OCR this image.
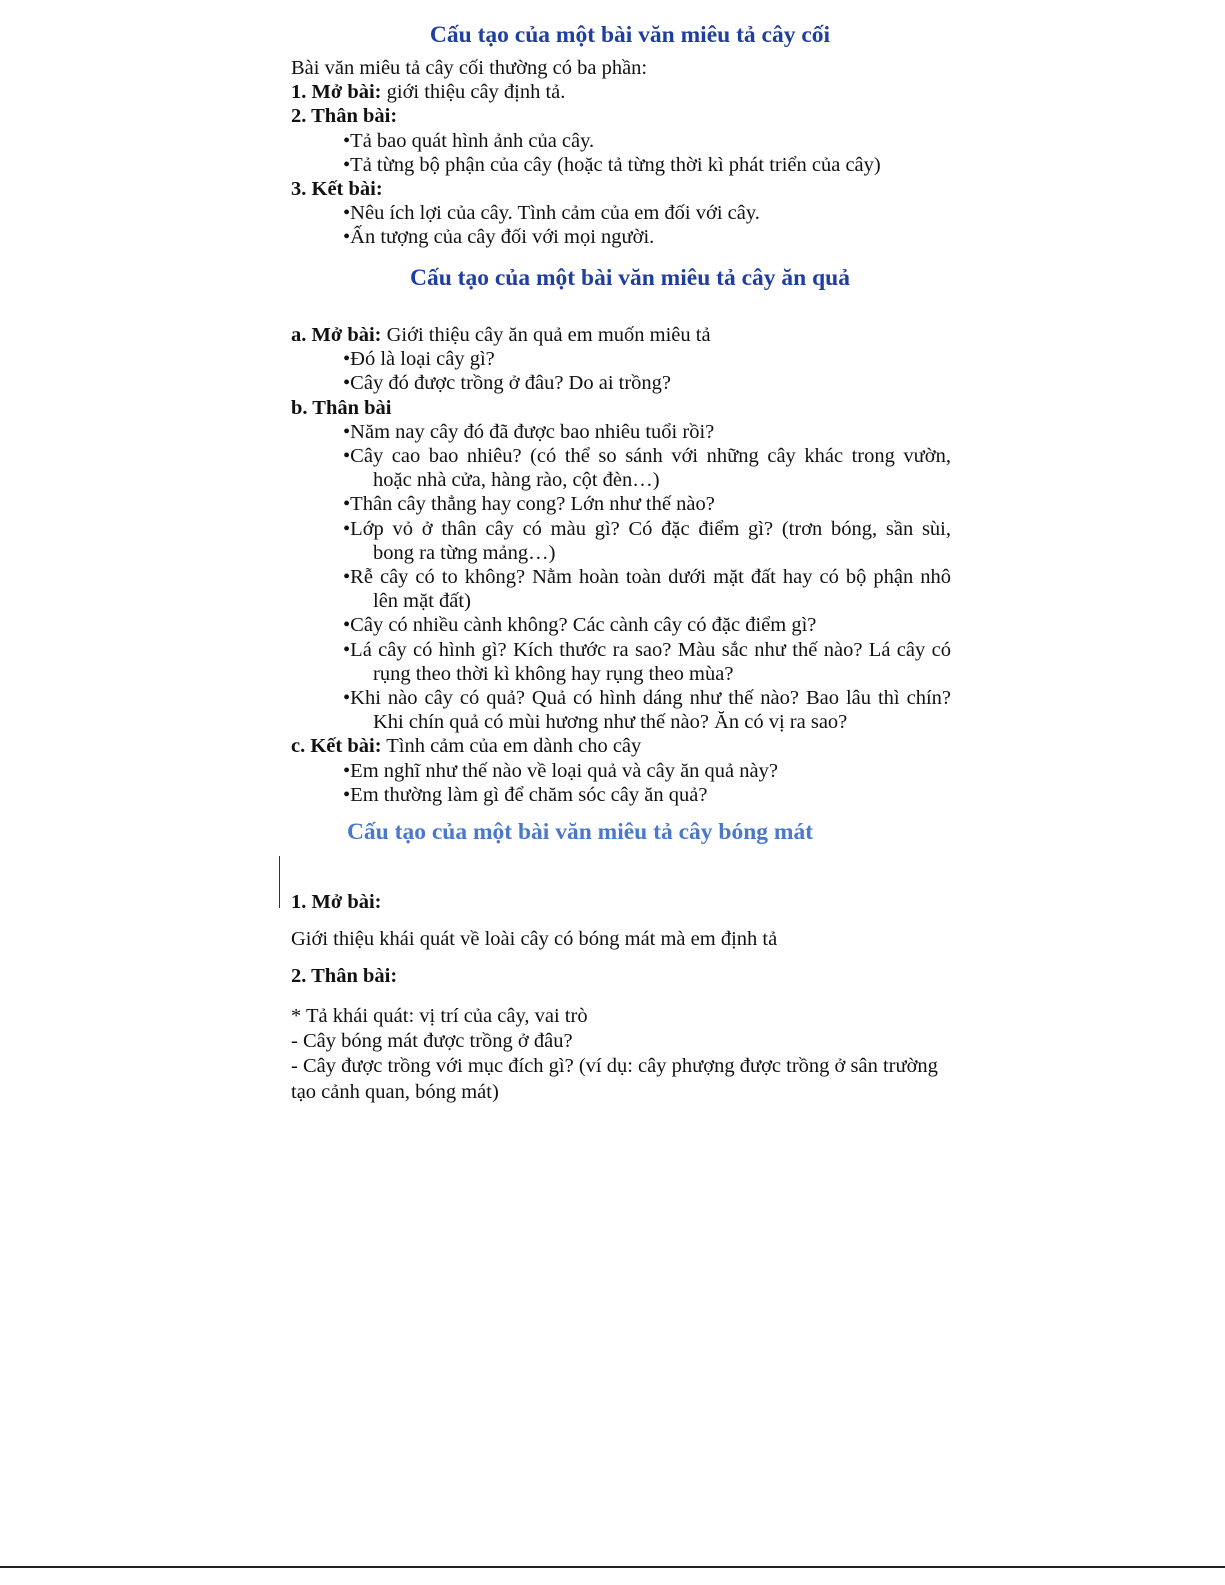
Cấu tạo của một bài văn miêu tả cây cối
Bài văn miêu tả cây cối thường có ba phần:
1. Mở bài: giới thiệu cây định tả.
2. Thân bài:
•Tả bao quát hình ảnh của cây.
•Tả từng bộ phận của cây (hoặc tả từng thời kì phát triển của cây)
3. Kết bài:
•Nêu ích lợi của cây. Tình cảm của em đối với cây.
•Ấn tượng của cây đối với mọi người.
Cấu tạo của một bài văn miêu tả cây ăn quả
a. Mở bài: Giới thiệu cây ăn quả em muốn miêu tả
•Đó là loại cây gì?
•Cây đó được trồng ở đâu? Do ai trồng?
b. Thân bài
•Năm nay cây đó đã được bao nhiêu tuổi rồi?
•Cây cao bao nhiêu? (có thể so sánh với những cây khác trong vườn,
hoặc nhà cửa, hàng rào, cột đèn…)
•Thân cây thẳng hay cong? Lớn như thế nào?
•Lớp vỏ ở thân cây có màu gì? Có đặc điểm gì? (trơn bóng, sần sùi,
bong ra từng mảng…)
•Rễ cây có to không? Nằm hoàn toàn dưới mặt đất hay có bộ phận nhô
lên mặt đất)
•Cây có nhiều cành không? Các cành cây có đặc điểm gì?
•Lá cây có hình gì? Kích thước ra sao? Màu sắc như thế nào? Lá cây có
rụng theo thời kì không hay rụng theo mùa?
•Khi nào cây có quả? Quả có hình dáng như thế nào? Bao lâu thì chín?
Khi chín quả có mùi hương như thế nào? Ăn có vị ra sao?
c. Kết bài: Tình cảm của em dành cho cây
•Em nghĩ như thế nào về loại quả và cây ăn quả này?
•Em thường làm gì để chăm sóc cây ăn quả?
Cấu tạo của một bài văn miêu tả cây bóng mát
1. Mở bài:
Giới thiệu khái quát về loài cây có bóng mát mà em định tả
2. Thân bài:
* Tả khái quát: vị trí của cây, vai trò
- Cây bóng mát được trồng ở đâu?
- Cây được trồng với mục đích gì? (ví dụ: cây phượng được trồng ở sân trường
tạo cảnh quan, bóng mát)
